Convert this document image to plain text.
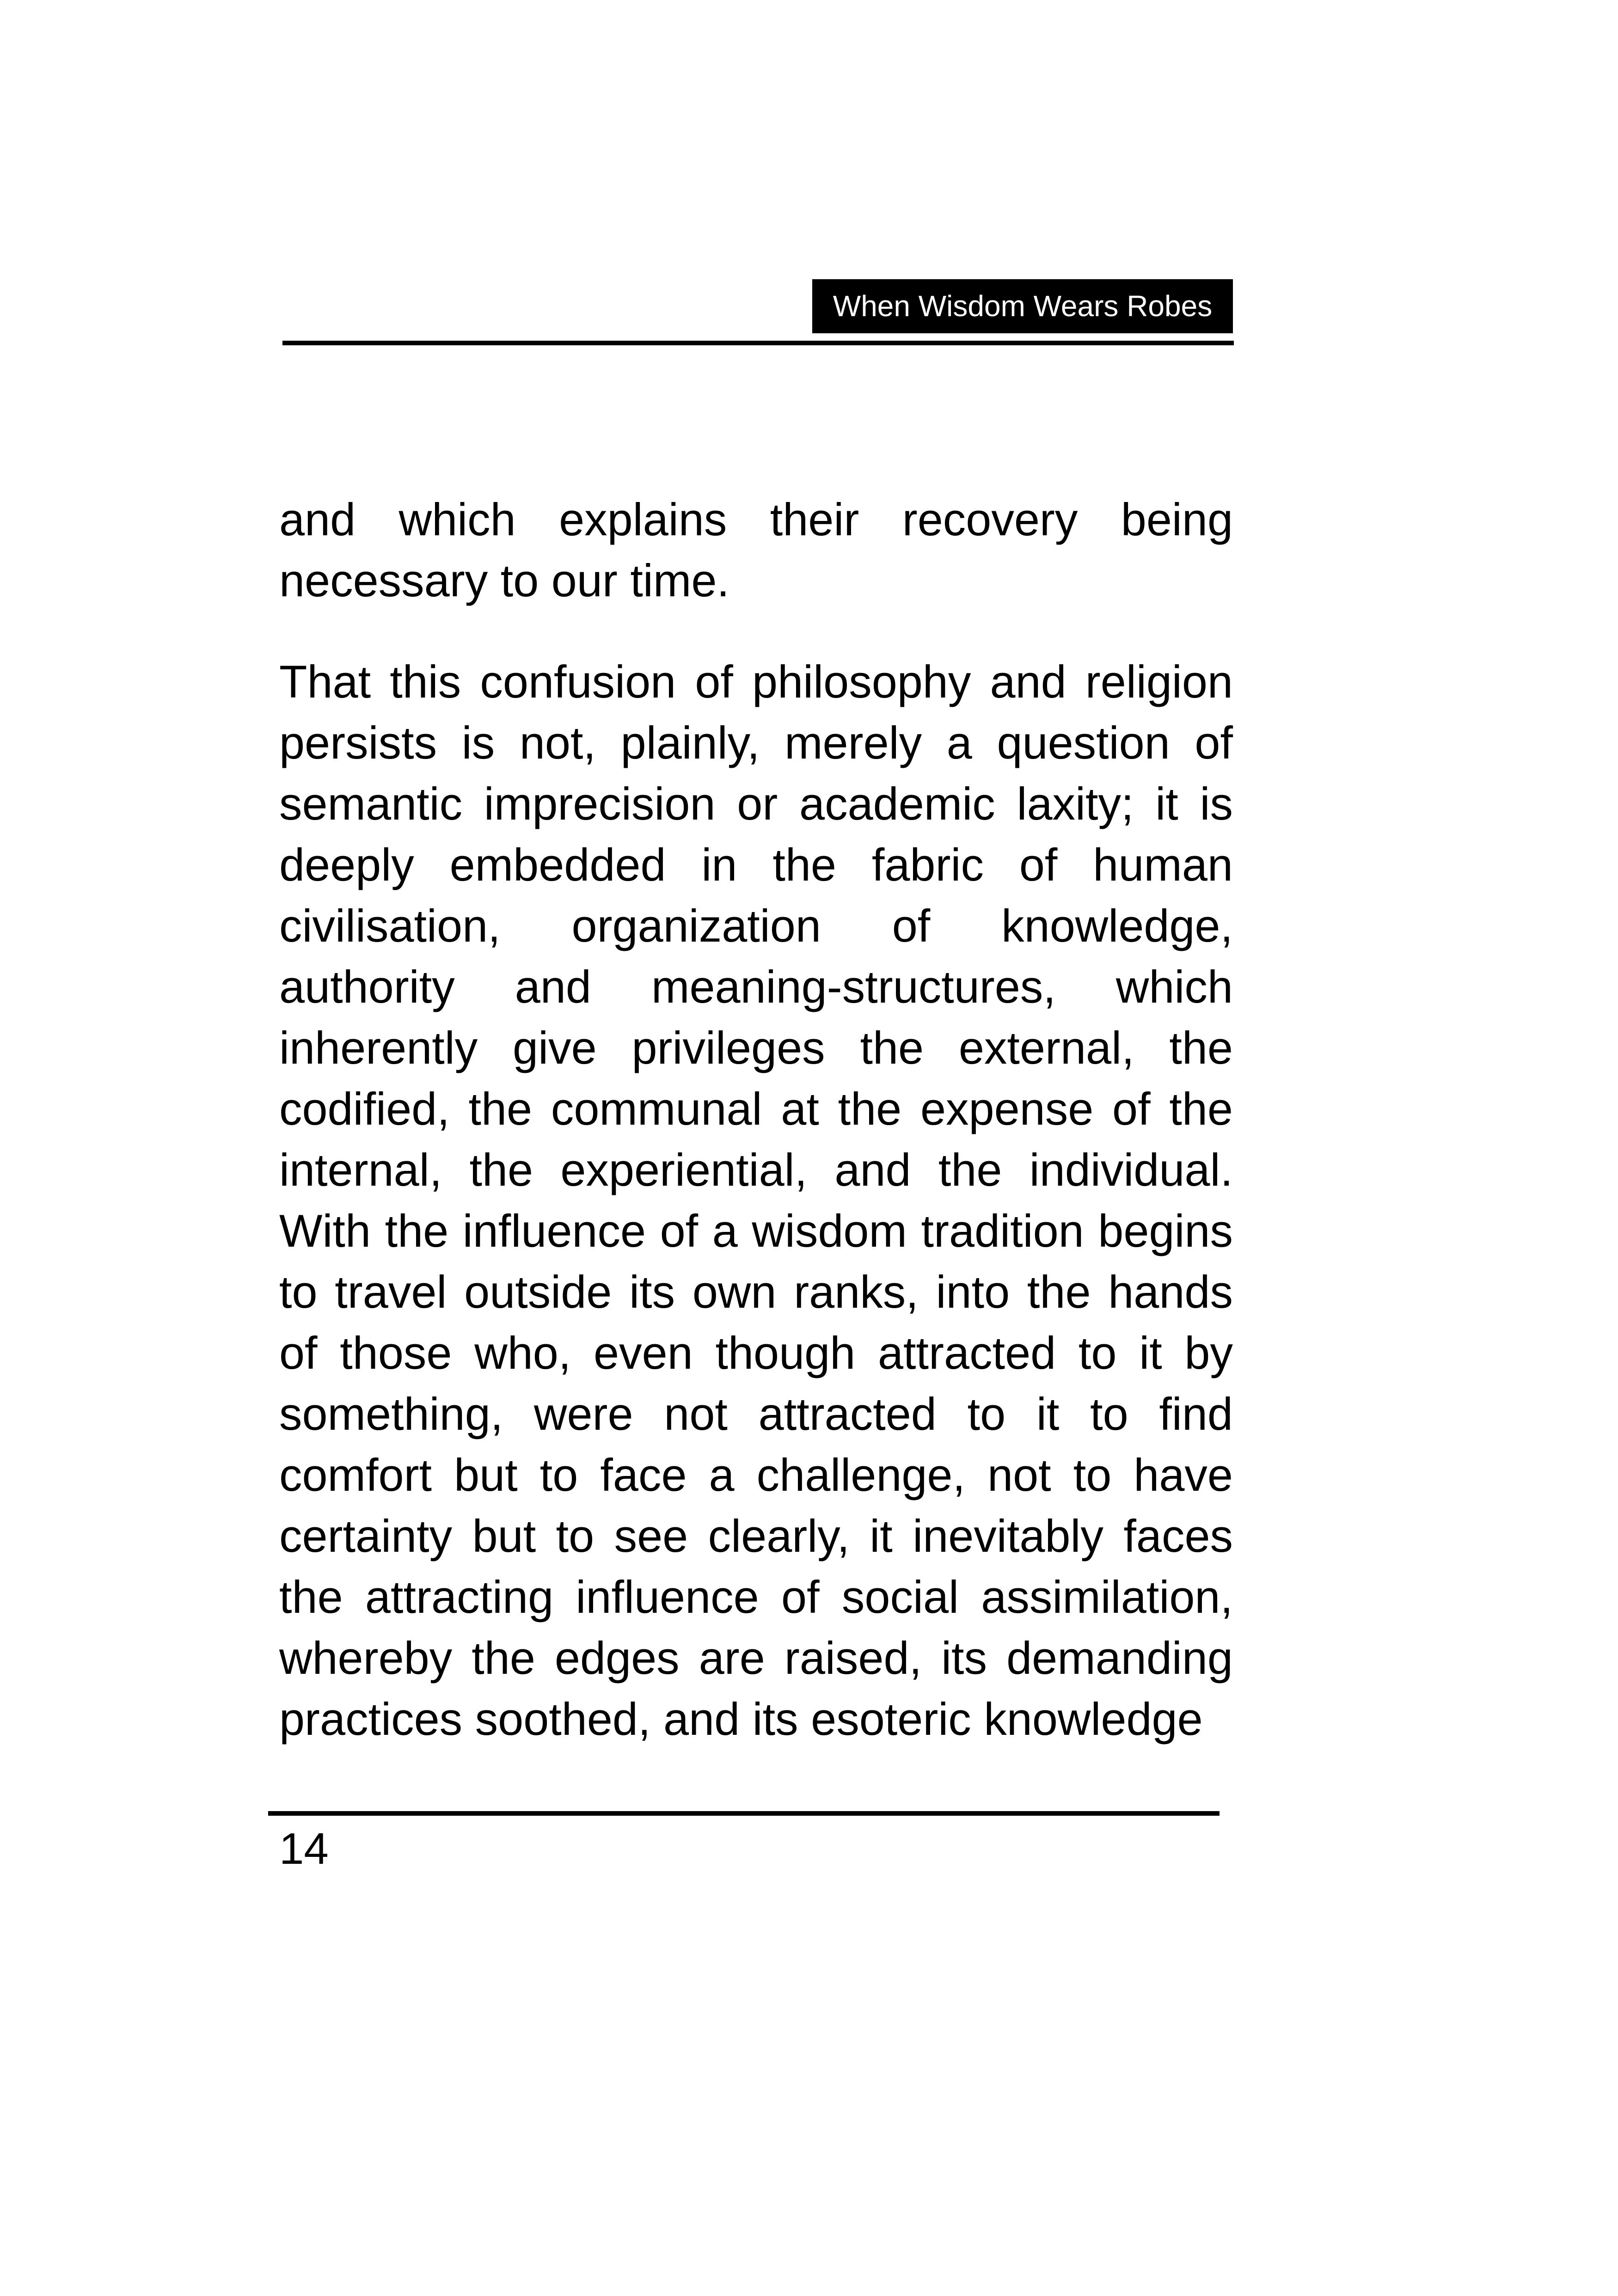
When Wisdom Wears Robes

and which explains their recovery being necessary to our time.

That this confusion of philosophy and religion persists is not, plainly, merely a question of semantic imprecision or academic laxity; it is deeply embedded in the fabric of human civilisation, organization of knowledge, authority and meaning-structures, which inherently give privileges the external, the codified, the communal at the expense of the internal, the experiential, and the individual. With the influence of a wisdom tradition begins to travel outside its own ranks, into the hands of those who, even though attracted to it by something, were not attracted to it to find comfort but to face a challenge, not to have certainty but to see clearly, it inevitably faces the attracting influence of social assimilation, whereby the edges are raised, its demanding practices soothed, and its esoteric knowledge

14
